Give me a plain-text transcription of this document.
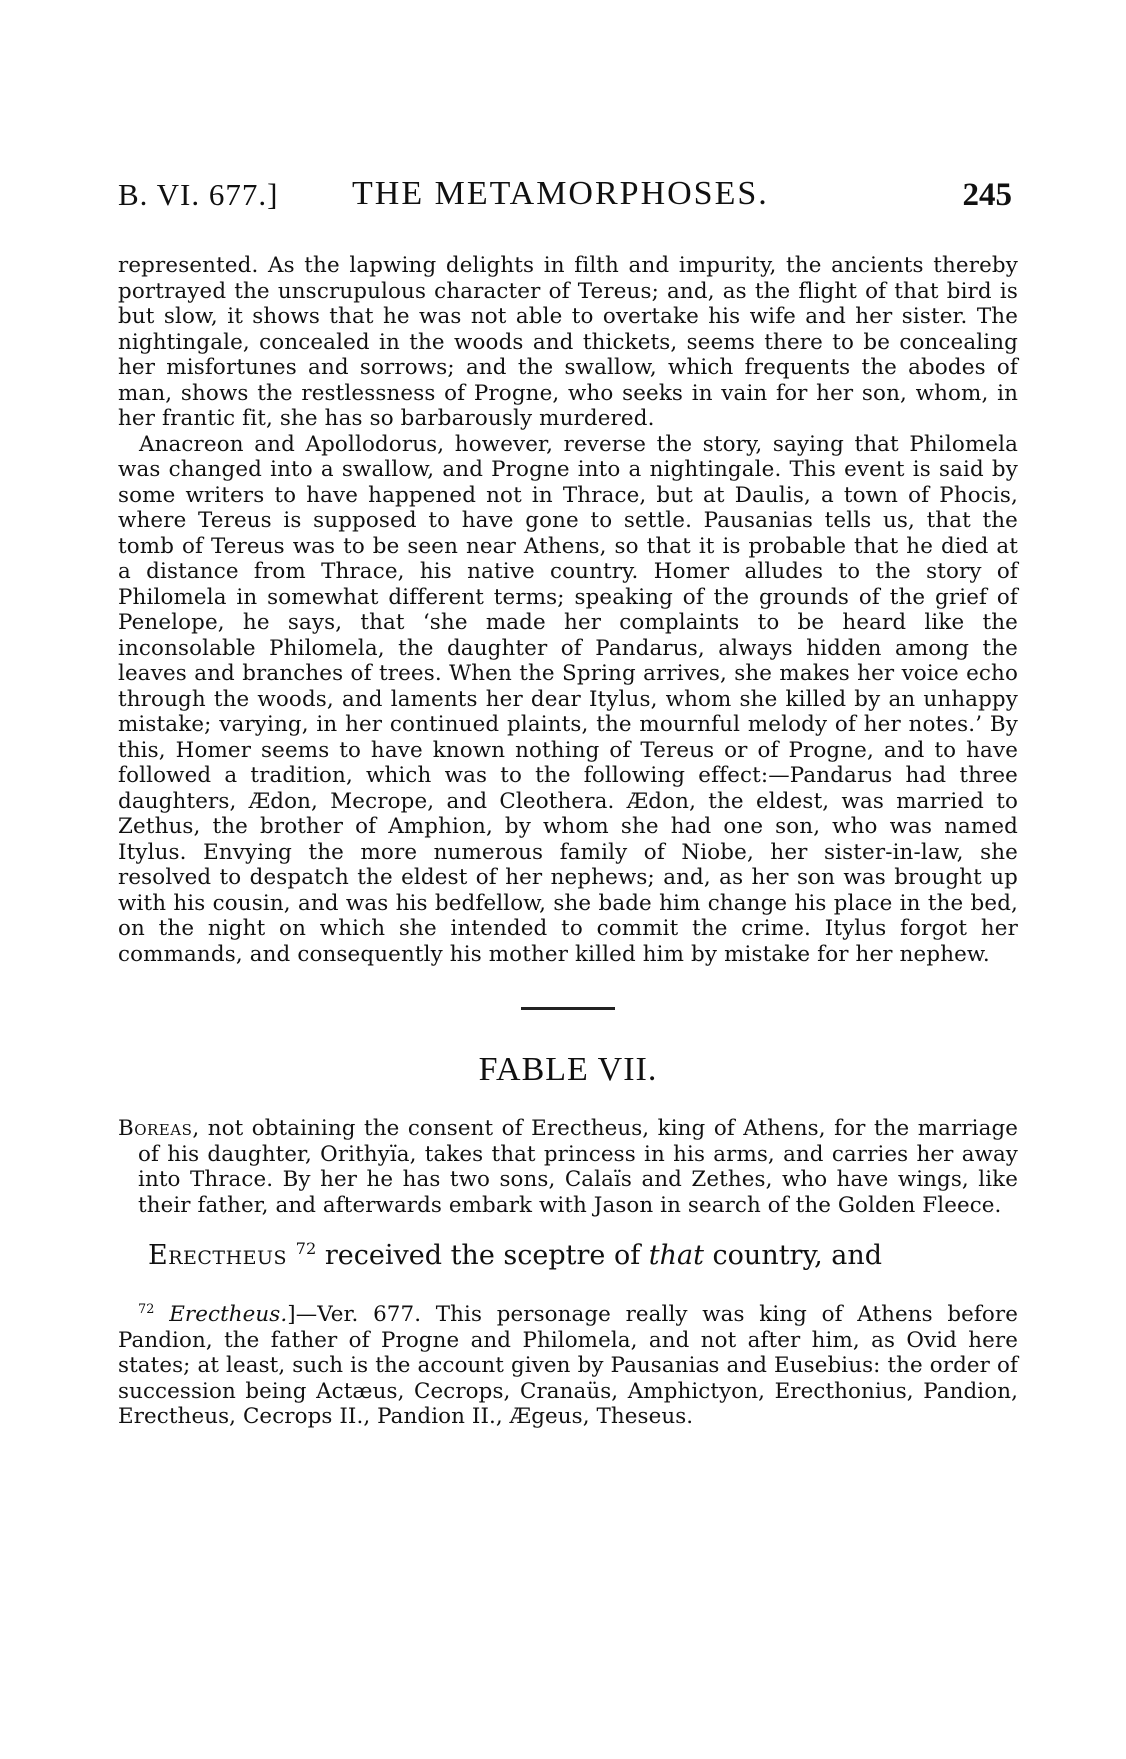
B. VI. 677.] THE METAMORPHOSES.	245

represented. As the lapwing delights in filth and impurity, the ancients thereby portrayed the unscrupulous character of Tereus; and, as the flight of that bird is but slow, it shows that he was not able to overtake his wife and her sister. The nightingale, concealed in the woods and thickets, seems there to be concealing her misfortunes and sorrows; and the swallow, which frequents the abodes of man, shows the restlessness of Progne, who seeks in vain for her son, whom, in her frantic fit, she has so barbarously murdered.

Anacreon and Apollodorus, however, reverse the story, saying that Philomela was changed into a swallow, and Progne into a nightingale. This event is said by some writers to have happened not in Thrace, but at Daulis, a town of Phocis, where Tereus is supposed to have gone to settle. Pausanias tells us, that the tomb of Tereus was to be seen near Athens, so that it is probable that he died at a distance from Thrace, his native country. Homer alludes to the story of Philomela in somewhat different terms; speaking of the grounds of the grief of Penelope, he says, that ‘she made her complaints to be heard like the inconsolable Philomela, the daughter of Pandarus, always hidden among the leaves and branches of trees. When the Spring arrives, she makes her voice echo through the woods, and laments her dear Itylus, whom she killed by an unhappy mistake; varying, in her continued plaints, the mournful melody of her notes.’ By this, Homer seems to have known nothing of Tereus or of Progne, and to have followed a tradition, which was to the following effect:—Pandarus had three daughters, Ædon, Mecrope, and Cleothera. Ædon, the eldest, was married to Zethus, the brother of Amphion, by whom she had one son, who was named Itylus. Envying the more numerous family of Niobe, her sister-in-law, she resolved to despatch the eldest of her nephews; and, as her son was brought up with his cousin, and was his bedfellow, she bade him change his place in the bed, on the night on which she intended to commit the crime. Itylus forgot her commands, and consequently his mother killed him by mistake for her nephew.

FABLE VII.
Boreas, not obtaining the consent of Erectheus, king of Athens, for the marriage of his daughter, Orithyïa, takes that princess in his arms, and carries her away into Thrace. By her he has two sons, Calaïs and Zethes, who have wings, like their father, and afterwards embark with Jason in search of the Golden Fleece.
Erectheus $^{72}$ received the sceptre of that country, and
$^{72}$ Erectheus.]—Ver. 677. This personage really was king of Athens before Pandion, the father of Progne and Philomela, and not after him, as Ovid here states; at least, such is the account given by Pausanias and Eusebius: the order of succession being Actæus, Cecrops, Cranaüs, Amphictyon, Erecthonius, Pandion, Erectheus, Cecrops II., Pandion II., Ægeus, Theseus.
